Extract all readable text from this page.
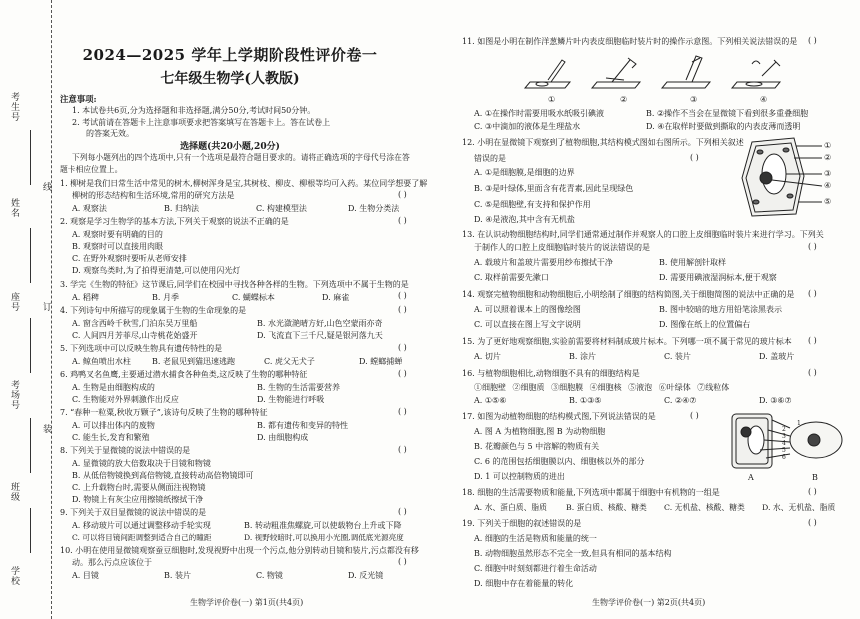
考生号
姓名
座号
考场号
班级
学校
线
订
装
2024—2025 学年上学期阶段性评价卷一
七年级生物学(人教版)
注意事项:
1. 本试卷共6页,分为选择题和非选择题,满分50分,考试时间50分钟。
2. 考试前请在答题卡上注意事项要求把答案填写在答题卡上。答在试卷上
的答案无效。
选择题(共20小题,20分)
下列每小题列出的四个选项中,只有一个选项是最符合题目要求的。请将正确选项的字母代号涂在答
题卡相应位置上。
1. 柳树是我们日常生活中常见的树木,柳树浑身是宝,其树枝、柳皮、柳根等均可入药。某位同学想要了解
柳树的形态结构和生活环境,常用的研究方法是	( )
A. 观察法	B. 归纳法	C. 构建模型法	D. 生物分类法
2. 观察是学习生物学的基本方法,下列关于观察的说法不正确的是	( )
A. 观察时要有明确的目的
B. 观察时可以直接用肉眼
C. 在野外观察时要听从老师安排
D. 观察鸟类时,为了拍得更清楚,可以使用闪光灯
3. 学完《生物的特征》这节课后,同学们在校园中寻找各种各样的生物。下列选项中不属于生物的是
( )
A. 稻稗	B. 月季	C. 蝴蝶标本	D. 麻雀
4. 下列诗句中所描写的现象属于生物的生命现象的是	( )
A. 窗含西岭千秋雪,门泊东吴万里船	B. 水光潋滟晴方好,山色空蒙雨亦奇
C. 人间四月芳菲尽,山寺桃花始盛开	D. 飞流直下三千尺,疑是银河落九天
5. 下列选项中可以反映生物具有遗传特性的是	( )
A. 鲸鱼喷出水柱	B. 老鼠见到猫迅速逃跑	C. 虎父无犬子	D. 螳螂捕蝉
6. 鸡鸭叉名鱼鹰,主要通过潜水捕食各种鱼类,这反映了生物的哪种特征	( )
A. 生物是由细胞构成的	B. 生物的生活需要营养
C. 生物能对外界刺激作出反应	D. 生物能进行呼吸
7. “春种一粒粟,秋收万颗子”,该诗句反映了生物的哪种特征	( )
A. 可以排出体内的废物	B. 都有遗传和变异的特性
C. 能生长,发育和繁殖	D. 由细胞构成
8. 下列关于显微镜的说法中错误的是	( )
A. 显微镜的放大倍数取决于目镜和物镜
B. 从低倍物镜换到高倍物镜,直接转动高倍物镜即可
C. 上升载物台时,需要从侧面注视物镜
D. 物镜上有灰尘应用擦镜纸擦拭干净
9. 下列关于双目显微镜的说法中错误的是	( )
A. 移动玻片可以通过调整移动手轮实现	B. 转动粗准焦螺旋,可以使载物台上升或下降
C. 可以将目镜间距调整到适合自己的瞳距	D. 视野较暗时,可以换用小光圈,调低底光源亮度
10. 小明在使用显微镜观察蚕豆细胞时,发现视野中出现一个污点,他分别转动目镜和装片,污点都没有移
动。那么污点应该位于	( )
A. 目镜	B. 装片	C. 物镜	D. 反光镜
生物学评价卷(一) 第1页(共4页)
11. 如图是小明在制作洋葱鳞片叶内表皮细胞临时装片时的操作示意图。下列相关说法错误的是 ( )
①	②	③	④
A. ①在操作时需要用吸水纸吸引碘液	B. ②操作不当会在显微镜下看到很多重叠细胞
C. ③中滴加的液体是生理盐水	D. ④在取样时要做到撕取的内表皮薄而透明
12. 小明在显微镜下观察到了植物细胞,其结构模式图如右图所示。下列相关叙述
错误的是	( )
A. ①是细胞膜,是细胞的边界
B. ③是叶绿体,里面含有花青素,因此呈现绿色
C. ⑤是细胞壁,有支持和保护作用
D. ④是液泡,其中含有无机盐
①
②
③
④
⑤
13. 在认识动物细胞结构时,同学们通常通过制作并观察人的口腔上皮细胞临时装片来进行学习。下列关
于制作人的口腔上皮细胞临时装片的说法错误的是	( )
A. 载玻片和盖玻片需要用纱布擦拭干净	B. 使用解剖针取样
C. 取样前需要先漱口	D. 需要用碘液湿润标本,便于观察
14. 观察完植物细胞和动物细胞后,小明绘制了细胞的结构简图,关于细胞简图的说法中正确的是 ( )
A. 可以照着课本上的图像绘图	B. 图中较暗的地方用铅笔涂黑表示
C. 可以直接在图上写文字说明	D. 图像在纸上的位置偏右
15. 为了更好地观察细胞,实验前需要将材料制成玻片标本。下列哪一项不属于常见的玻片标本 ( )
A. 切片	B. 涂片	C. 装片	D. 盖玻片
16. 与植物细胞相比,动物细胞不具有的细胞结构是	( )
①细胞壁 ②细胞质 ③细胞膜 ④细胞核 ⑤液泡 ⑥叶绿体 ⑦线粒体
A. ①⑤⑥	B. ①③⑤	C. ②④⑦	D. ③⑥⑦
17. 如图为动植物细胞的结构模式图,下列说法错误的是	( )
A. 图 A 为植物细胞,图 B 为动物细胞
B. 花瓣颜色与 5 中溶解的物质有关
C. 6 的范围包括细胞膜以内、细胞核以外的部分
D. 1 可以控制物质的进出
1
2
3
4
5
6
A	B
18. 细胞的生活需要物质和能量,下列选项中都属于细胞中有机物的一组是	( )
A. 水、蛋白质、脂质	B. 蛋白质、核酸、糖类	C. 无机盐、核酸、糖类	D. 水、无机盐、脂质
19. 下列关于细胞的叙述错误的是	( )
A. 细胞的生活是物质和能量的统一
B. 动物细胞虽然形态不完全一致,但具有相同的基本结构
C. 细胞中时刻刻都进行着生命活动
D. 细胞中存在着能量的转化
生物学评价卷(一) 第2页(共4页)
